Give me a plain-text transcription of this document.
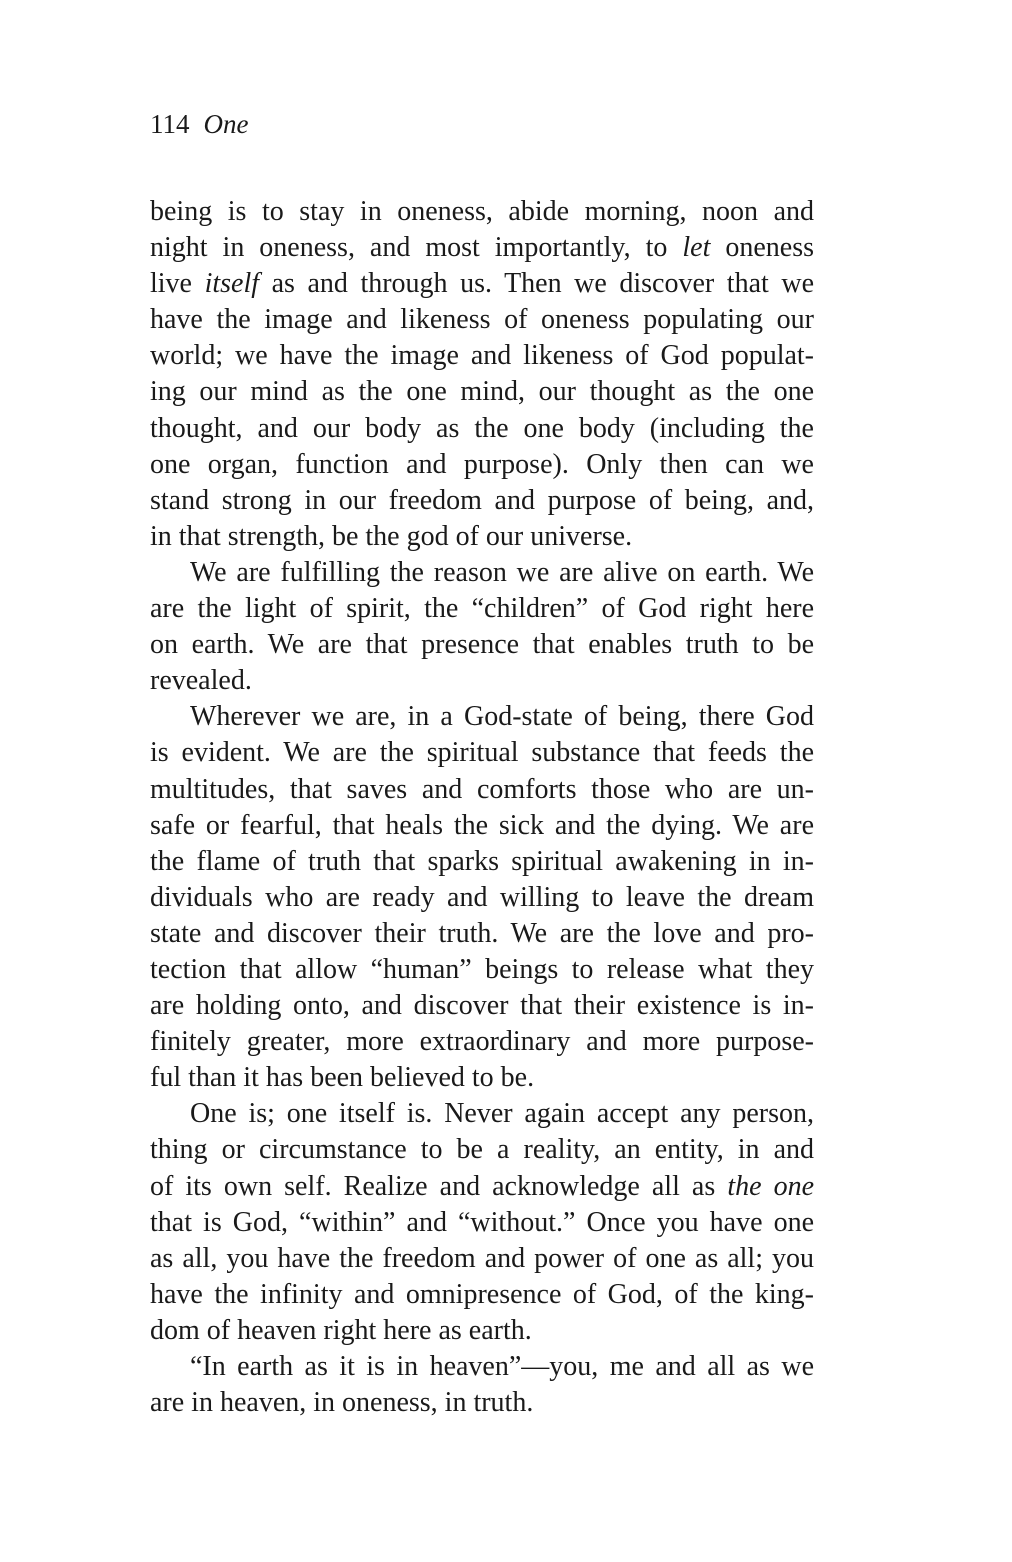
114 One
being is to stay in oneness, abide morning, noon and
night in oneness, and most importantly, to let oneness
live itself as and through us. Then we discover that we
have the image and likeness of oneness populating our
world; we have the image and likeness of God populat-
ing our mind as the one mind, our thought as the one
thought, and our body as the one body (including the
one organ, function and purpose). Only then can we
stand strong in our freedom and purpose of being, and,
in that strength, be the god of our universe.
We are fulfilling the reason we are alive on earth. We
are the light of spirit, the “children” of God right here
on earth. We are that presence that enables truth to be
revealed.
Wherever we are, in a God-state of being, there God
is evident. We are the spiritual substance that feeds the
multitudes, that saves and comforts those who are un-
safe or fearful, that heals the sick and the dying. We are
the flame of truth that sparks spiritual awakening in in-
dividuals who are ready and willing to leave the dream
state and discover their truth. We are the love and pro-
tection that allow “human” beings to release what they
are holding onto, and discover that their existence is in-
finitely greater, more extraordinary and more purpose-
ful than it has been believed to be.
One is; one itself is. Never again accept any person,
thing or circumstance to be a reality, an entity, in and
of its own self. Realize and acknowledge all as the one
that is God, “within” and “without.” Once you have one
as all, you have the freedom and power of one as all; you
have the infinity and omnipresence of God, of the king-
dom of heaven right here as earth.
“In earth as it is in heaven”—you, me and all as we
are in heaven, in oneness, in truth.
